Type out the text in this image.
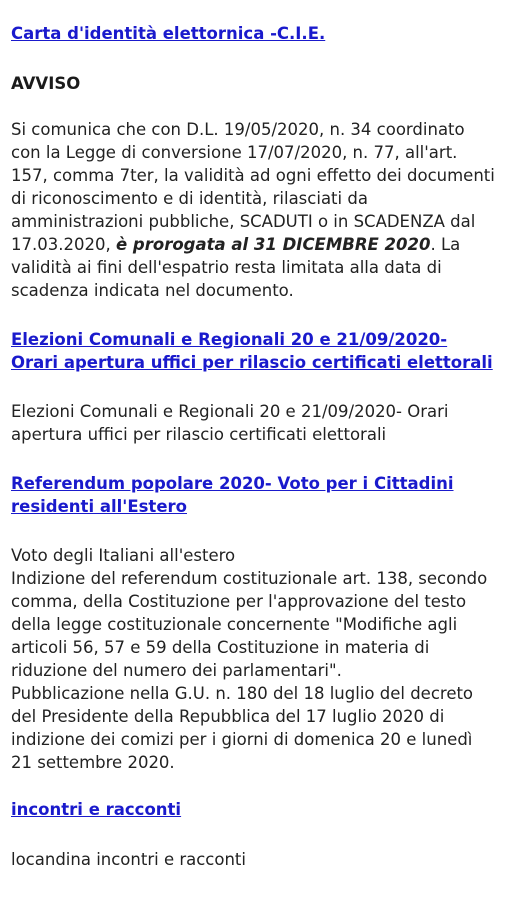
Carta d'identità elettornica -C.I.E.
AVVISO

Si comunica che con D.L. 19/05/2020, n. 34 coordinato con la Legge di conversione 17/07/2020, n. 77, all'art. 157, comma 7ter, la validità ad ogni effetto dei documenti di riconoscimento e di identità, rilasciati da amministrazioni pubbliche, SCADUTI o in SCADENZA dal 17.03.2020, è prorogata al 31 DICEMBRE 2020. La validità ai fini dell'espatrio resta limitata alla data di scadenza indicata nel documento.

Elezioni Comunali e Regionali 20 e 21/09/2020- Orari apertura uffici per rilascio certificati elettorali

Elezioni Comunali e Regionali 20 e 21/09/2020- Orari apertura uffici per rilascio certificati elettorali

Referendum popolare 2020- Voto per i Cittadini residenti all'Estero
Voto degli Italiani all'estero
Indizione del referendum costituzionale art. 138, secondo comma, della Costituzione per l'approvazione del testo della legge costituzionale concernente "Modifiche agli articoli 56, 57 e 59 della Costituzione in materia di riduzione del numero dei parlamentari".
Pubblicazione nella G.U. n. 180 del 18 luglio del decreto del Presidente della Repubblica del 17 luglio 2020 di indizione dei comizi per i giorni di domenica 20 e lunedì 21 settembre 2020.
incontri e racconti

locandina incontri e racconti
